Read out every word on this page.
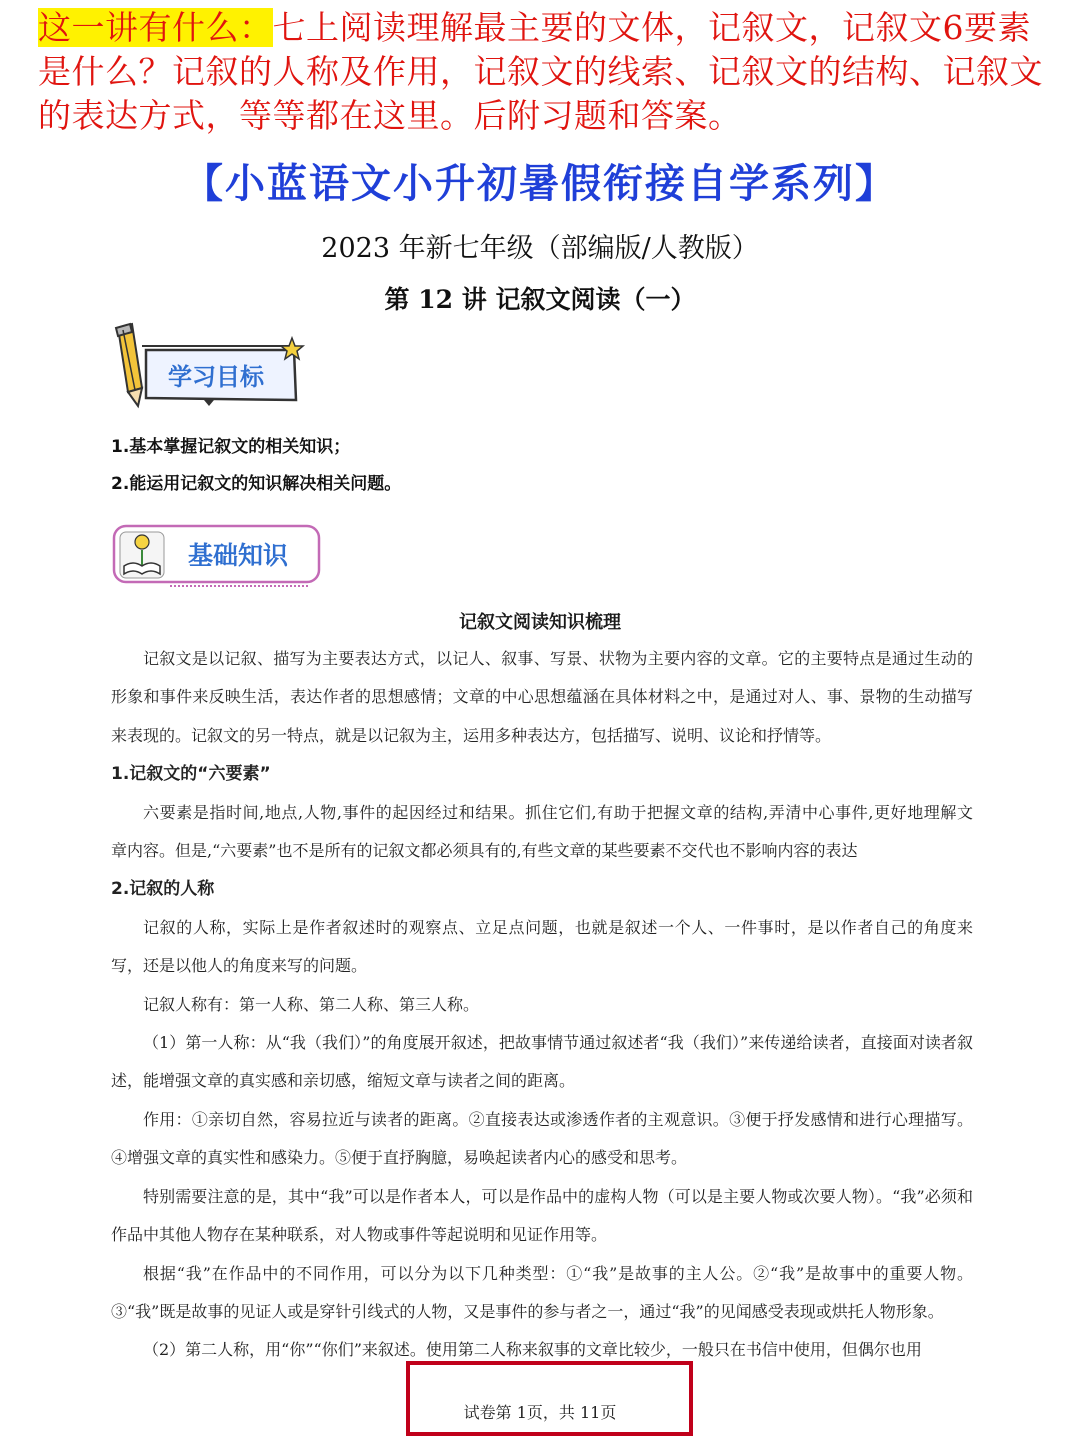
这一讲有什么：七上阅读理解最主要的文体，记叙文，记叙文6要素是什么？记叙的人称及作用，记叙文的线索、记叙文的结构、记叙文的表达方式，等等都在这里。后附习题和答案。
【小蓝语文小升初暑假衔接自学系列】
2023 年新七年级（部编版/人教版）
第 12 讲 记叙文阅读（一）
学习目标
1.基本掌握记叙文的相关知识；
2.能运用记叙文的知识解决相关问题。
基础知识
记叙文阅读知识梳理

记叙文是以记叙、描写为主要表达方式，以记人、叙事、写景、状物为主要内容的文章。它的主要特点是通过生动的形象和事件来反映生活，表达作者的思想感情；文章的中心思想蕴涵在具体材料之中，是通过对人、事、景物的生动描写来表现的。记叙文的另一特点，就是以记叙为主，运用多种表达方，包括描写、说明、议论和抒情等。

1.记叙文的“六要素”

六要素是指时间,地点,人物,事件的起因经过和结果。抓住它们,有助于把握文章的结构,弄清中心事件,更好地理解文　章内容。但是,“六要素”也不是所有的记叙文都必须具有的,有些文章的某些要素不交代也不影响内容的表达

2.记叙的人称

记叙的人称，实际上是作者叙述时的观察点、立足点问题，也就是叙述一个人、一件事时，是以作者自己的角度来写，还是以他人的角度来写的问题。

记叙人称有：第一人称、第二人称、第三人称。

（1）第一人称：从“我（我们）”的角度展开叙述，把故事情节通过叙述者“我（我们）”来传递给读者，直接面对读者叙述，能增强文章的真实感和亲切感，缩短文章与读者之间的距离。

作用：①亲切自然，容易拉近与读者的距离。②直接表达或渗透作者的主观意识。③便于抒发感情和进行心理描写。④增强文章的真实性和感染力。⑤便于直抒胸臆，易唤起读者内心的感受和思考。

特别需要注意的是，其中“我”可以是作者本人，可以是作品中的虚构人物（可以是主要人物或次要人物）。“我”必须和作品中其他人物存在某种联系，对人物或事件等起说明和见证作用等。

根据“我”在作品中的不同作用，可以分为以下几种类型：①“我”是故事的主人公。②“我”是故事中的重要人物。③“我”既是故事的见证人或是穿针引线式的人物，又是事件的参与者之一，通过“我”的见闻感受表现或烘托人物形象。

（2）第二人称，用“你”“你们”来叙述。使用第二人称来叙事的文章比较少，一般只在书信中使用，但偶尔也用

试卷第 1页，共 11页
